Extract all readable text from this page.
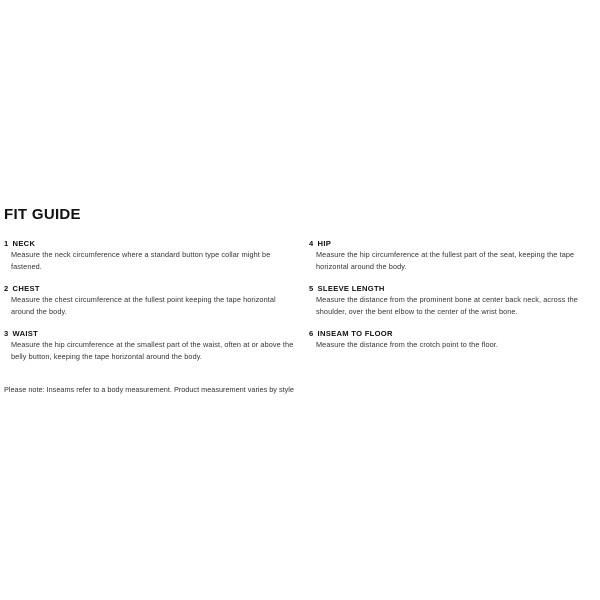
FIT GUIDE
1 NECK
Measure the neck circumference where a standard button type collar might be fastened.
2 CHEST
Measure the chest circumference at the fullest point keeping the tape horizontal around the body.
3 WAIST
Measure the hip circumference at the smallest part of the waist, often at or above the belly button, keeping the tape horizontal around the body.
4 HIP
Measure the hip circumference at the fullest part of the seat, keeping the tape horizontal around the body.
5 SLEEVE LENGTH
Measure the distance from the prominent bone at center back neck, across the shoulder, over the bent elbow to the center of the wrist bone.
6 INSEAM TO FLOOR
Measure the distance from the crotch point to the floor.
Please note: Inseams refer to a body measurement. Product measurement varies by style
